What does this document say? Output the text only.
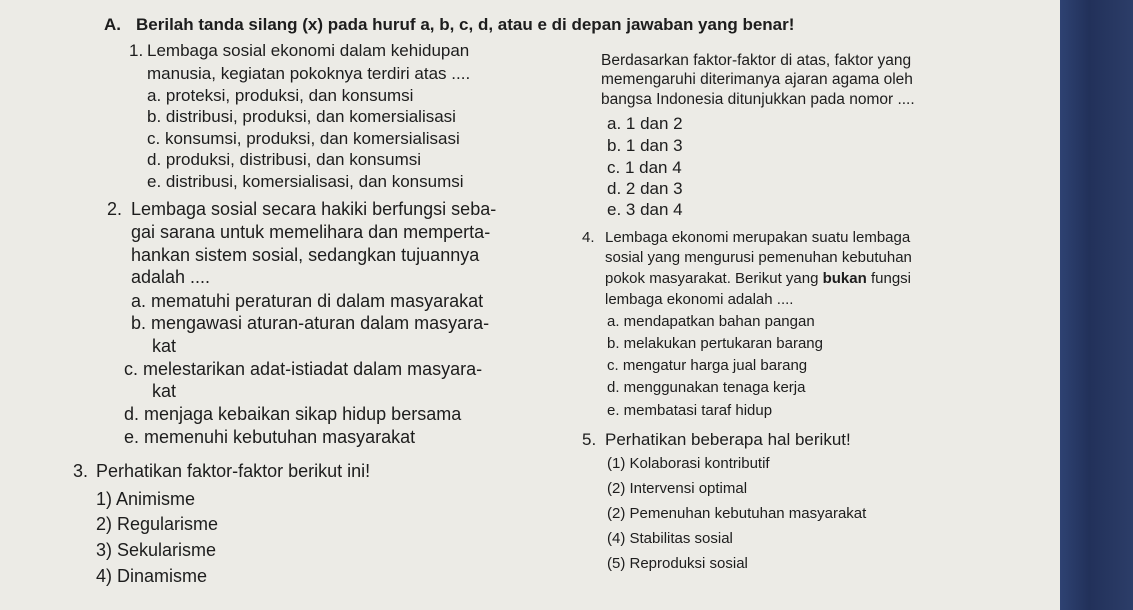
A. Berilah tanda silang (x) pada huruf a, b, c, d, atau e di depan jawaban yang benar!
1. Lembaga sosial ekonomi dalam kehidupan
manusia, kegiatan pokoknya terdiri atas ....
a. proteksi, produksi, dan konsumsi
b. distribusi, produksi, dan komersialisasi
c. konsumsi, produksi, dan komersialisasi
d. produksi, distribusi, dan konsumsi
e. distribusi, komersialisasi, dan konsumsi
2. Lembaga sosial secara hakiki berfungsi seba-
gai sarana untuk memelihara dan memperta-
hankan sistem sosial, sedangkan tujuannya
adalah ....
a. mematuhi peraturan di dalam masyarakat
b. mengawasi aturan-aturan dalam masyara-
kat
c. melestarikan adat-istiadat dalam masyara-
kat
d. menjaga kebaikan sikap hidup bersama
e. memenuhi kebutuhan masyarakat
3. Perhatikan faktor-faktor berikut ini!
1) Animisme
2) Regularisme
3) Sekularisme
4) Dinamisme
Berdasarkan faktor-faktor di atas, faktor yang
memengaruhi diterimanya ajaran agama oleh
bangsa Indonesia ditunjukkan pada nomor ....
a. 1 dan 2
b. 1 dan 3
c. 1 dan 4
d. 2 dan 3
e. 3 dan 4
4. Lembaga ekonomi merupakan suatu lembaga
sosial yang mengurusi pemenuhan kebutuhan
pokok masyarakat. Berikut yang bukan fungsi
lembaga ekonomi adalah ....
a. mendapatkan bahan pangan
b. melakukan pertukaran barang
c. mengatur harga jual barang
d. menggunakan tenaga kerja
e. membatasi taraf hidup
5. Perhatikan beberapa hal berikut!
(1) Kolaborasi kontributif
(2) Intervensi optimal
(2) Pemenuhan kebutuhan masyarakat
(4) Stabilitas sosial
(5) Reproduksi sosial
